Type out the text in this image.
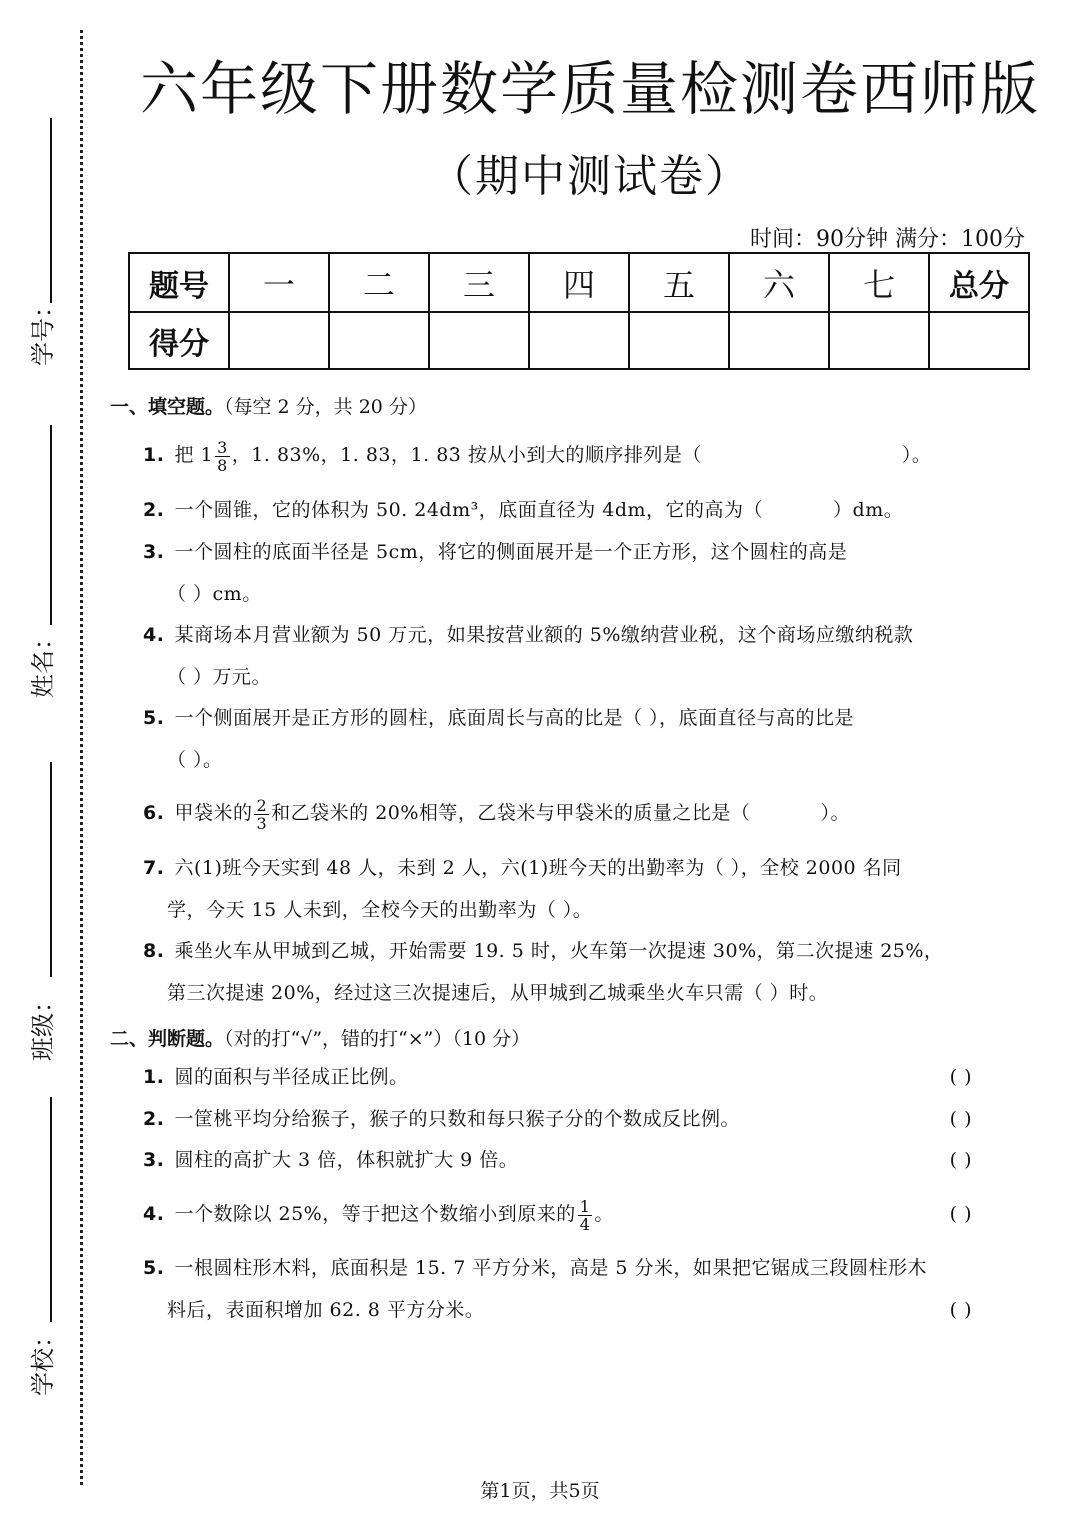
学号：
姓名：
班级：
学校：
六年级下册数学质量检测卷西师版
（期中测试卷）
时间：90分钟 满分：100分
题号	一	二	三	四	五	六	七	总分
得分								
一、填空题。（每空 2 分，共 20 分）
1. 把 $1 \frac{3}{8}$ ，1. 83%，1. 83，1. 8· 3 按从小到大的顺序排列是（	）。
2. 一个圆锥，它的体积为 50. 24dm³，底面直径为 4dm，它的高为（	）dm。
3. 一个圆柱的底面半径是 5cm，将它的侧面展开是一个正方形，这个圆柱的高是
（ ）cm。
4. 某商场本月营业额为 50 万元，如果按营业额的 5%缴纳营业税，这个商场应缴纳税款
（ ）万元。
5. 一个侧面展开是正方形的圆柱，底面周长与高的比是（ ），底面直径与高的比是
（ ）。
6. 甲袋米的 $\frac{2}{3}$ 和乙袋米的 20%相等，乙袋米与甲袋米的质量之比是（	）。
7. 六(1)班今天实到 48 人，未到 2 人，六(1)班今天的出勤率为（ ），全校 2000 名同
学，今天 15 人未到，全校今天的出勤率为（ ）。
8. 乘坐火车从甲城到乙城，开始需要 19. 5 时，火车第一次提速 30%，第二次提速 25%，
第三次提速 20%，经过这三次提速后，从甲城到乙城乘坐火车只需（ ）时。
二、判断题。（对的打“√”，错的打“×”）（10 分）
1. 圆的面积与半径成正比例。	( )
2. 一筐桃平均分给猴子，猴子的只数和每只猴子分的个数成反比例。	( )
3. 圆柱的高扩大 3 倍，体积就扩大 9 倍。	( )
4. 一个数除以 25%，等于把这个数缩小到原来的 $\frac{1}{4}$ 。	( )
5. 一根圆柱形木料，底面积是 15. 7 平方分米，高是 5 分米，如果把它锯成三段圆柱形木
料后，表面积增加 62. 8 平方分米。	( )
第1页，共5页
